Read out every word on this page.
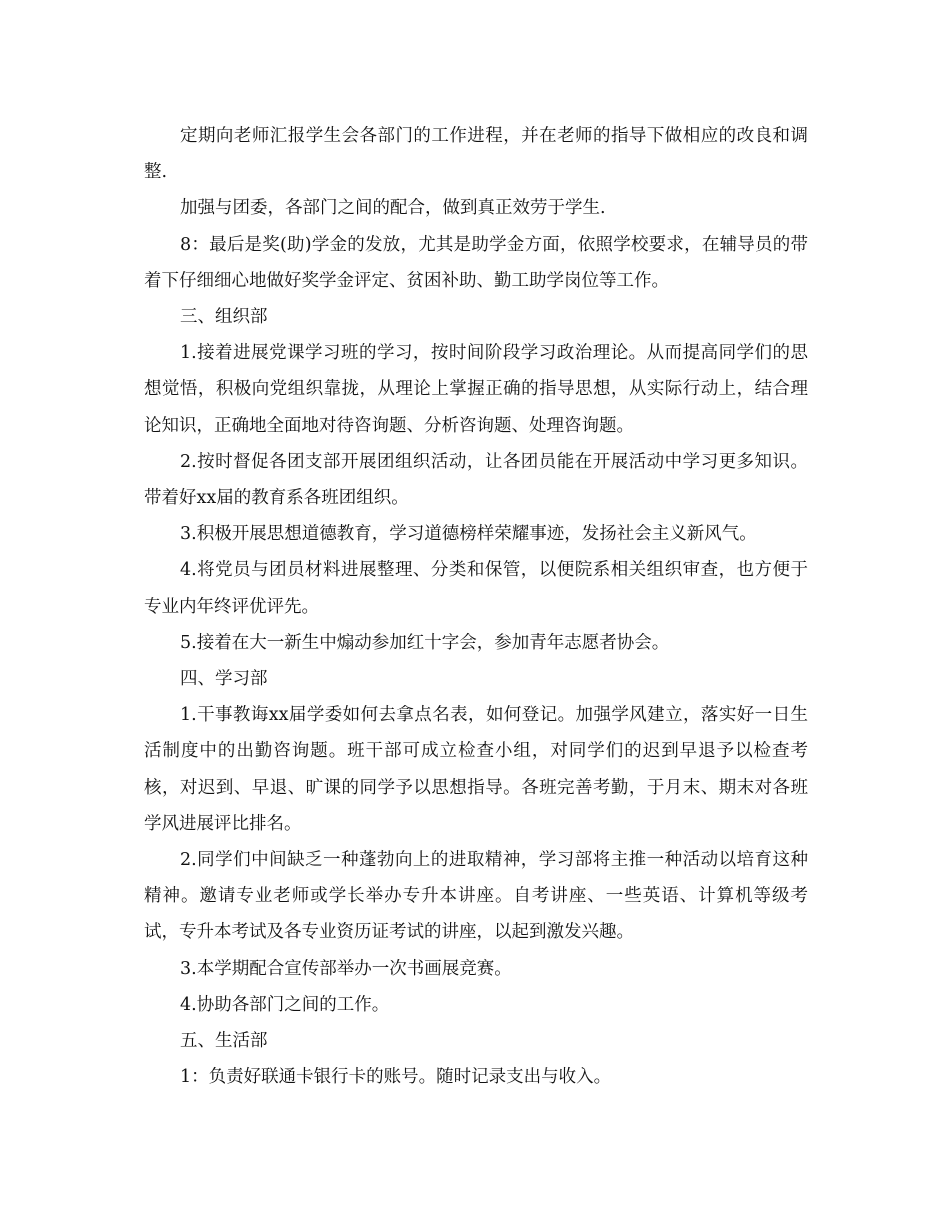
定期向老师汇报学生会各部门的工作进程，并在老师的指导下做相应的改良和调整.

加强与团委，各部门之间的配合，做到真正效劳于学生.

8：最后是奖(助)学金的发放，尤其是助学金方面，依照学校要求，在辅导员的带着下仔细细心地做好奖学金评定、贫困补助、勤工助学岗位等工作。

三、组织部

1.接着进展党课学习班的学习，按时间阶段学习政治理论。从而提高同学们的思想觉悟，积极向党组织靠拢，从理论上掌握正确的指导思想，从实际行动上，结合理论知识，正确地全面地对待咨询题、分析咨询题、处理咨询题。

2.按时督促各团支部开展团组织活动，让各团员能在开展活动中学习更多知识。带着好xx届的教育系各班团组织。

3.积极开展思想道德教育，学习道德榜样荣耀事迹，发扬社会主义新风气。

4.将党员与团员材料进展整理、分类和保管，以便院系相关组织审查，也方便于专业内年终评优评先。

5.接着在大一新生中煽动参加红十字会，参加青年志愿者协会。

四、学习部

1.干事教诲xx届学委如何去拿点名表，如何登记。加强学风建立，落实好一日生活制度中的出勤咨询题。班干部可成立检查小组，对同学们的迟到早退予以检查考核，对迟到、早退、旷课的同学予以思想指导。各班完善考勤，于月末、期末对各班学风进展评比排名。

2.同学们中间缺乏一种蓬勃向上的进取精神，学习部将主推一种活动以培育这种精神。邀请专业老师或学长举办专升本讲座。自考讲座、一些英语、计算机等级考试，专升本考试及各专业资历证考试的讲座，以起到激发兴趣。

3.本学期配合宣传部举办一次书画展竞赛。

4.协助各部门之间的工作。

五、生活部

1：负责好联通卡银行卡的账号。随时记录支出与收入。
